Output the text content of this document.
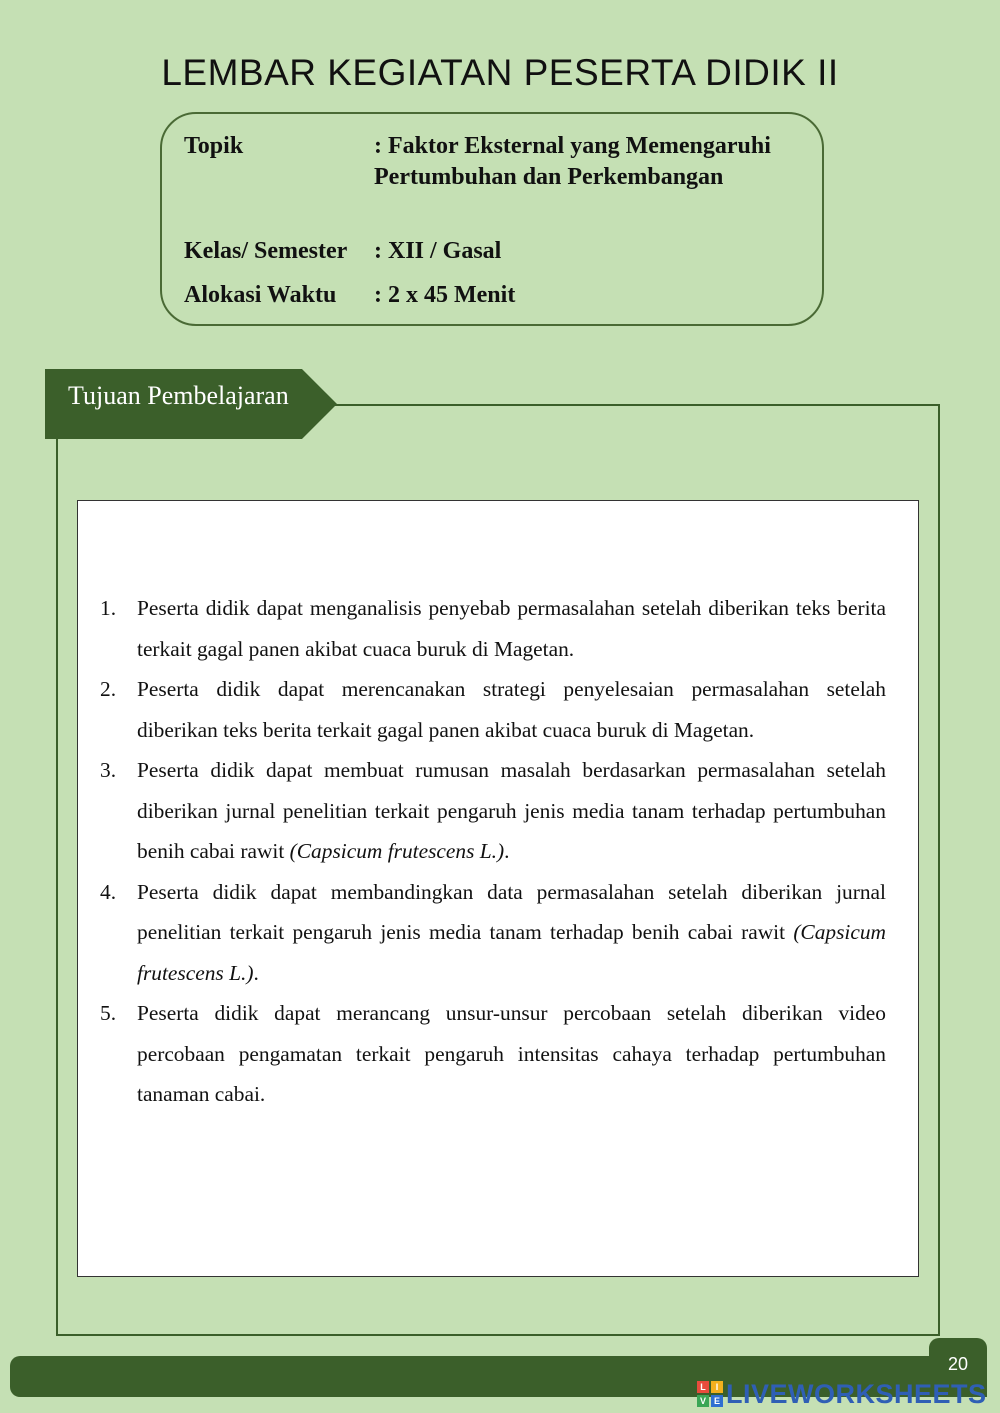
LEMBAR KEGIATAN PESERTA DIDIK II
Topik	: Faktor Eksternal yang Memengaruhi Pertumbuhan dan Perkembangan
Kelas/ Semester : XII / Gasal
Alokasi Waktu : 2 x 45 Menit
Tujuan Pembelajaran
1. Peserta didik dapat menganalisis penyebab permasalahan setelah diberikan teks berita terkait gagal panen akibat cuaca buruk di Magetan.
2. Peserta didik dapat merencanakan strategi penyelesaian permasalahan setelah diberikan teks berita terkait gagal panen akibat cuaca buruk di Magetan.
3. Peserta didik dapat membuat rumusan masalah berdasarkan permasalahan setelah diberikan jurnal penelitian terkait pengaruh jenis media tanam terhadap pertumbuhan benih cabai rawit (Capsicum frutescens L.).
4. Peserta didik dapat membandingkan data permasalahan setelah diberikan jurnal penelitian terkait pengaruh jenis media tanam terhadap benih cabai rawit (Capsicum frutescens L.).
5. Peserta didik dapat merancang unsur-unsur percobaan setelah diberikan video percobaan pengamatan terkait pengaruh intensitas cahaya terhadap pertumbuhan tanaman cabai.
20
L	I
V E LIVEWORKSHEETS
